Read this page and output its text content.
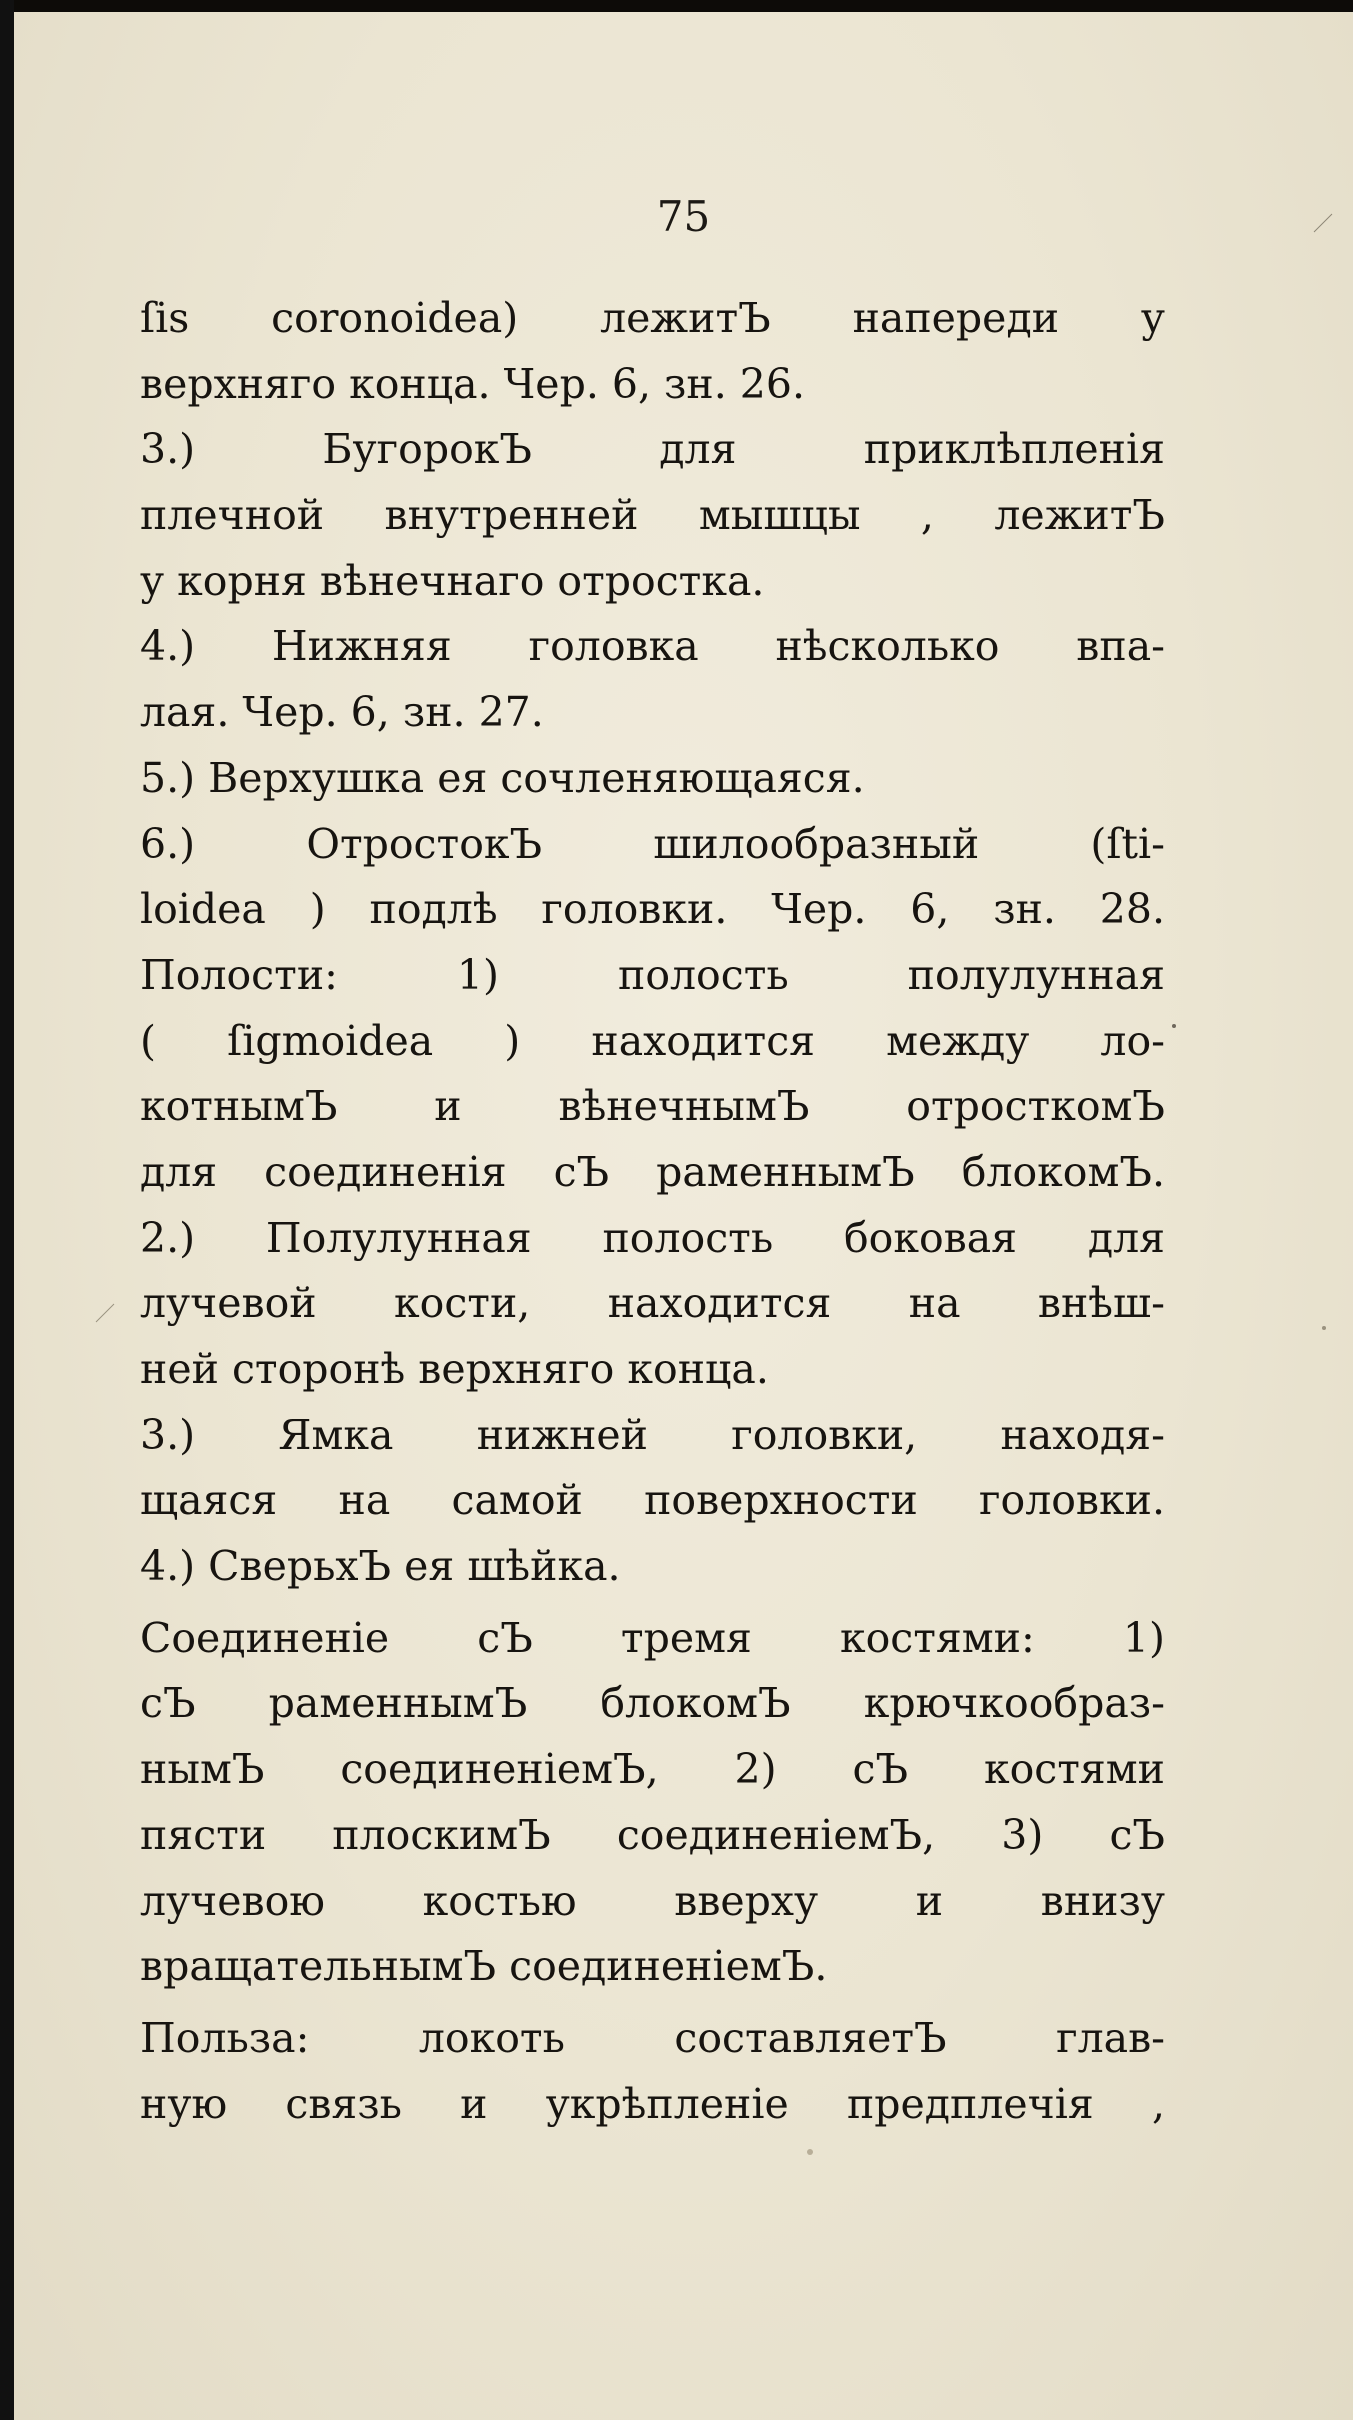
75
ſis coronoidea) лежитЪ напереди у
верхняго конца. Чер. 6, зн. 26.
3.) БугорокЪ для приклѣпленія
плечной внутренней мышцы , лежитЪ
у корня вѣнечнаго отростка.
4.) Нижняя головка нѣсколько впа-
лая. Чер. 6, зн. 27.
5.) Верхушка ея сочленяющаяся.
6.) ОтростокЪ шилообразный (ſti-
loidea ) подлѣ головки. Чер. 6, зн. 28.
Полости: 1) полость полулунная
( ſigmoidea ) находится между ло-
котнымЪ и вѣнечнымЪ отросткомЪ
для соединенія сЪ раменнымЪ блокомЪ.
2.) Полулунная полость боковая для
лучевой кости, находится на внѣш-
ней сторонѣ верхняго конца.
3.) Ямка нижней головки, находя-
щаяся на самой поверхности головки.
4.) СверьхЪ ея шѣйка.
Соединеніе сЪ тремя костями: 1)
сЪ раменнымЪ блокомЪ крючкообраз-
нымЪ соединеніемЪ, 2) сЪ костями
пясти плоскимЪ соединеніемЪ, 3) сЪ
лучевою костью вверху и внизу
вращательнымЪ соединеніемЪ.
Польза: локоть составляетЪ глав-
ную связь и укрѣпленіе предплечія ,
